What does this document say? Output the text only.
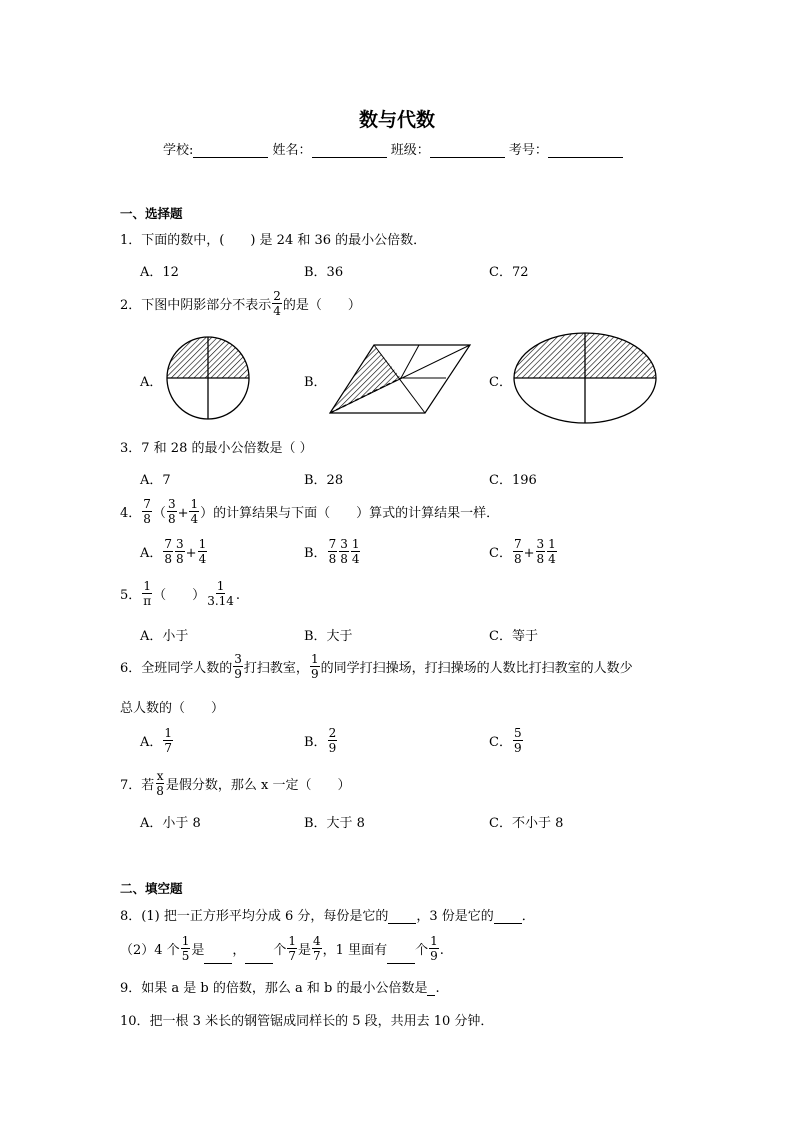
数与代数
学校:	姓名：	班级：	考号：
一、选择题
1．下面的数中，(　　) 是 24 和 36 的最小公倍数．
A．12	B．36	C．72
2．下图中阴影部分不表示 $\frac{2}{4}$ 的是（　　）
A．	B．	C．
3．7 和 28 的最小公倍数是（ ）
A．7	B．28	C．196
4． $\frac{7}{8}$ （ $\frac{3}{8} + \frac{1}{4}$ ）的计算结果与下面（　　）算式的计算结果一样．
A． $\frac{7}{8} \frac{3}{8} + \frac{1}{4}$	B． $\frac{7}{8} \frac{3}{8} \frac{1}{4}$	C． $\frac{7}{8} + \frac{3}{8} \frac{1}{4}$
5． $\frac{1}{\pi}$ （　　） $\frac{1}{3.14}$ .
A．小于	B．大于	C．等于
6．全班同学人数的 $\frac{3}{9}$ 打扫教室， $\frac{1}{9}$ 的同学打扫操场，打扫操场的人数比打扫教室的人数少
总人数的（　　）
A． $\frac{1}{7}$	B． $\frac{2}{9}$	C． $\frac{5}{9}$
7．若 $\frac{x}{8}$ 是假分数，那么 x 一定（　　）
A．小于 8	B．大于 8	C．不小于 8
二、填空题
8．(1) 把一正方形平均分成 6 分，每份是它的 ，3 份是它的 ．
（2）4 个 $\frac{1}{5}$ 是 ， 个 $\frac{1}{7}$ 是 $\frac{4}{7}$ ，1 里面有 个 $\frac{1}{9}$ .
9．如果 a 是 b 的倍数，那么 a 和 b 的最小公倍数是 .
10．把一根 3 米长的钢管锯成同样长的 5 段，共用去 10 分钟．
